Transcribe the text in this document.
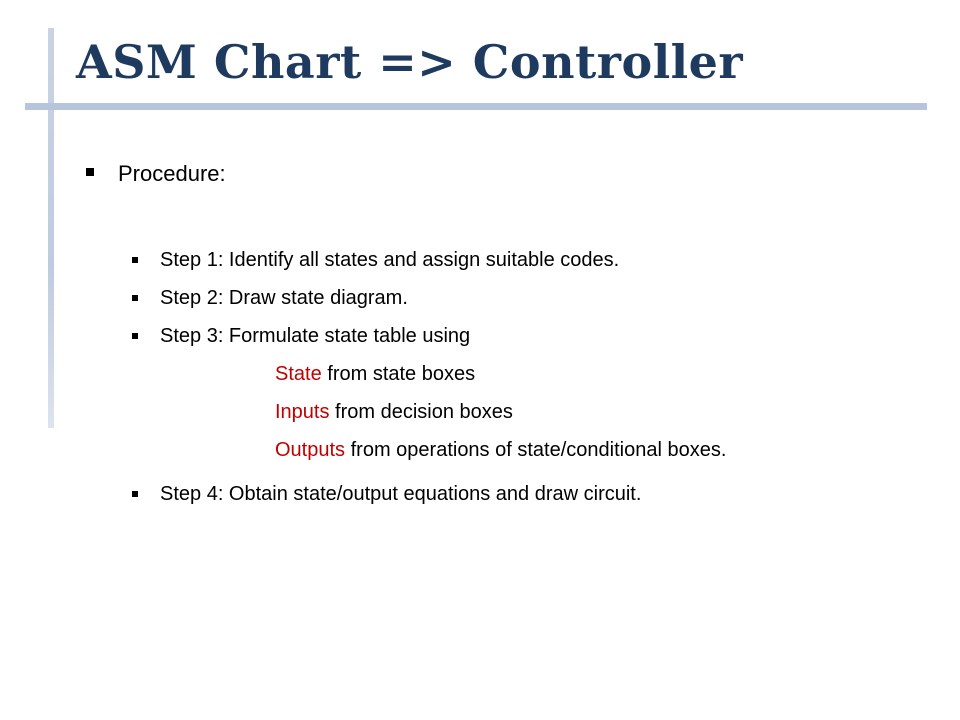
ASM Chart => Controller
Procedure:
Step 1: Identify all states and assign suitable codes.
Step 2: Draw state diagram.
Step 3: Formulate state table using
State from state boxes
Inputs from decision boxes
Outputs from operations of state/conditional boxes.
Step 4: Obtain state/output equations and draw circuit.
